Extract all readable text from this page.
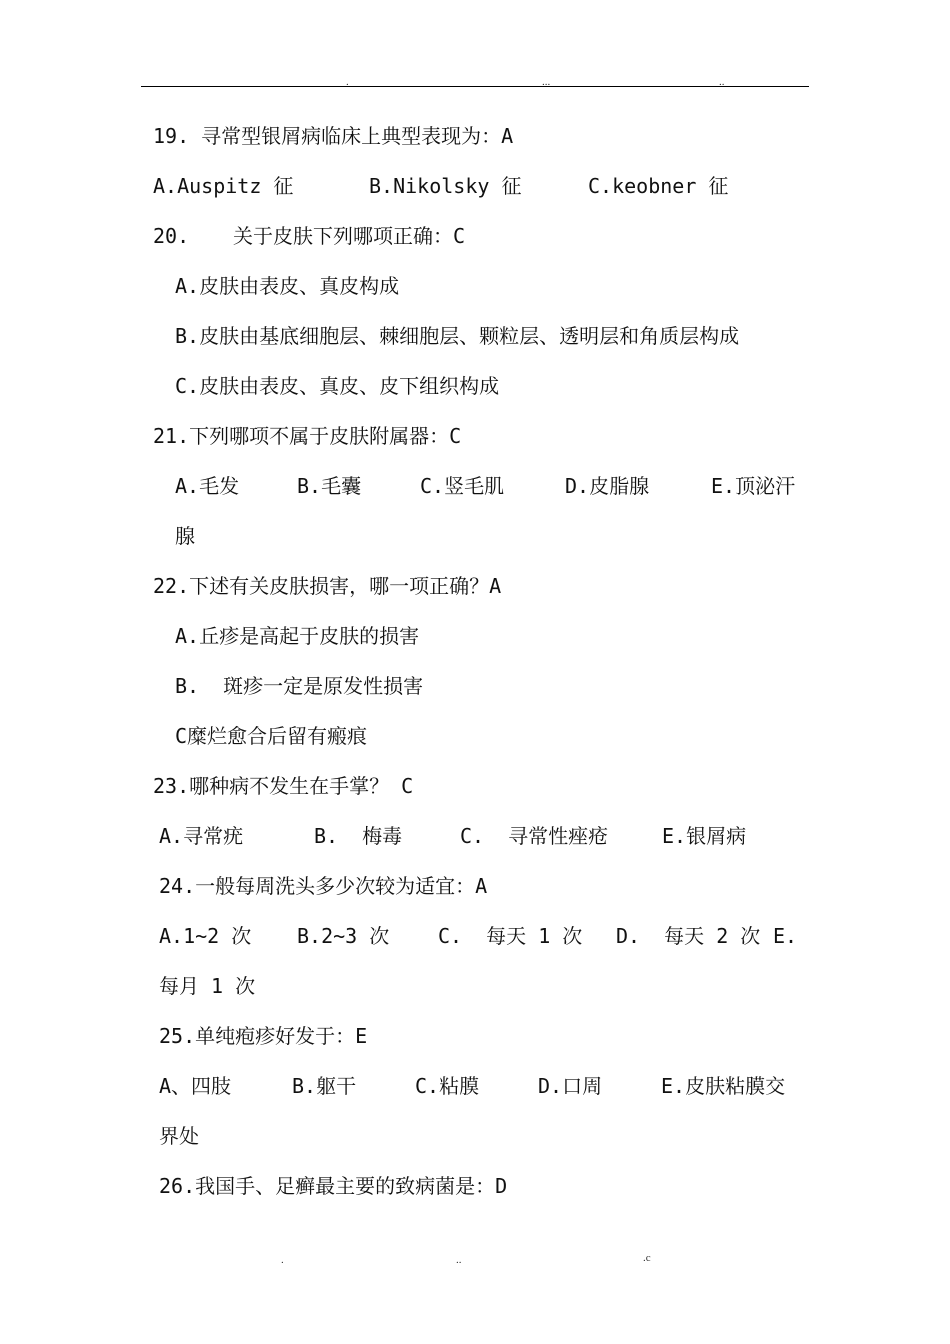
.	...	..
19. 寻常型银屑病临床上典型表现为：A
A.Auspitz 征	B.Nikolsky 征	C.keobner 征
20. 关于皮肤下列哪项正确：C
A.皮肤由表皮、真皮构成
B.皮肤由基底细胞层、棘细胞层、颗粒层、透明层和角质层构成
C.皮肤由表皮、真皮、皮下组织构成
21.下列哪项不属于皮肤附属器：C
A.毛发	B.毛囊	C.竖毛肌	D.皮脂腺	E.顶泌汗
腺
22.下述有关皮肤损害，哪一项正确？A
A.丘疹是高起于皮肤的损害
B.  斑疹一定是原发性损害
C糜烂愈合后留有瘢痕
23.哪种病不发生在手掌？ C
A.寻常疣	B.  梅毒	C.  寻常性痤疮	E.银屑病
24.一般每周洗头多少次较为适宜：A
A.1~2 次 B.2~3 次 C.  每天 1 次 D.  每天 2 次 E.
每月 1 次
25.单纯疱疹好发于：E
A、四肢	B.躯干	C.粘膜	D.口周	E.皮肤粘膜交
界处
26.我国手、足癣最主要的致病菌是：D
.	..	.c
